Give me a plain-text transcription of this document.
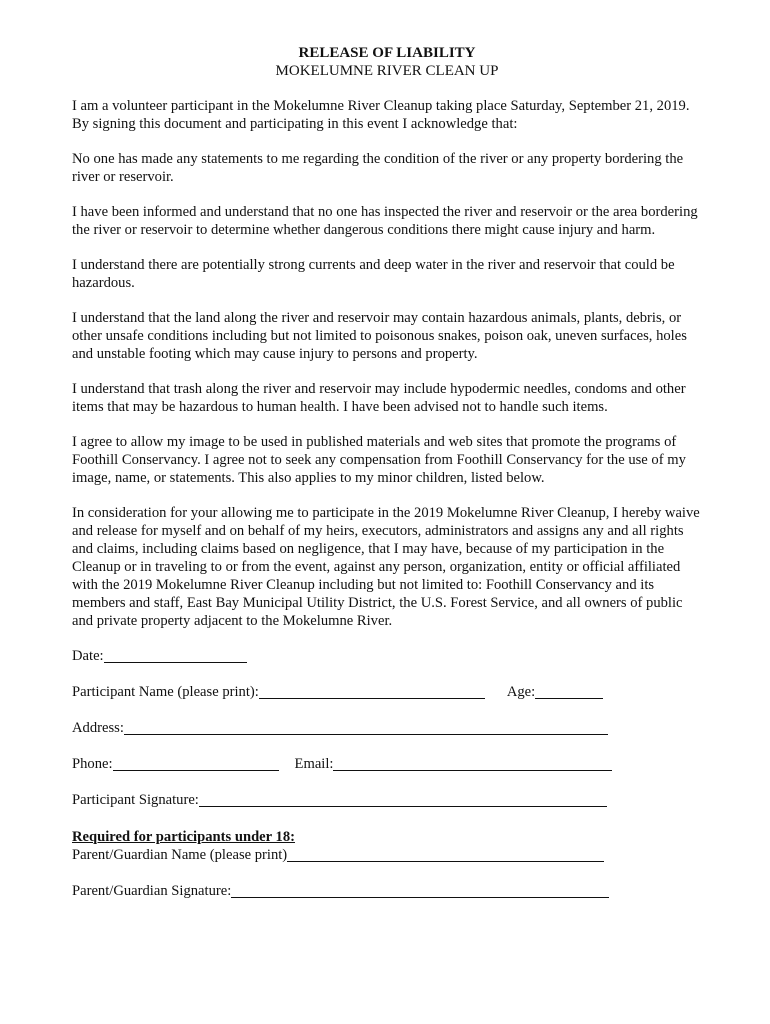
RELEASE OF LIABILITY
MOKELUMNE RIVER CLEAN UP

I am a volunteer participant in the Mokelumne River Cleanup taking place Saturday, September 21, 2019. By signing this document and participating in this event I acknowledge that:

No one has made any statements to me regarding the condition of the river or any property bordering the river or reservoir.

I have been informed and understand that no one has inspected the river and reservoir or the area bordering the river or reservoir to determine whether dangerous conditions there might cause injury and harm.

I understand there are potentially strong currents and deep water in the river and reservoir that could be hazardous.

I understand that the land along the river and reservoir may contain hazardous animals, plants, debris, or other unsafe conditions including but not limited to poisonous snakes, poison oak, uneven surfaces, holes and unstable footing which may cause injury to persons and property.

I understand that trash along the river and reservoir may include hypodermic needles, condoms and other items that may be hazardous to human health. I have been advised not to handle such items.

I agree to allow my image to be used in published materials and web sites that promote the programs of Foothill Conservancy. I agree not to seek any compensation from Foothill Conservancy for the use of my image, name, or statements. This also applies to my minor children, listed below.

In consideration for your allowing me to participate in the 2019 Mokelumne River Cleanup, I hereby waive and release for myself and on behalf of my heirs, executors, administrators and assigns any and all rights and claims, including claims based on negligence, that I may have, because of my participation in the Cleanup or in traveling to or from the event, against any person, organization, entity or official affiliated with the 2019 Mokelumne River Cleanup including but not limited to: Foothill Conservancy and its members and staff, East Bay Municipal Utility District, the U.S. Forest Service, and all owners of public and private property adjacent to the Mokelumne River.

Date:
Participant Name (please print):	Age:
Address:
Phone:	Email:
Participant Signature:
Required for participants under 18:
Parent/Guardian Name (please print)
Parent/Guardian Signature:
